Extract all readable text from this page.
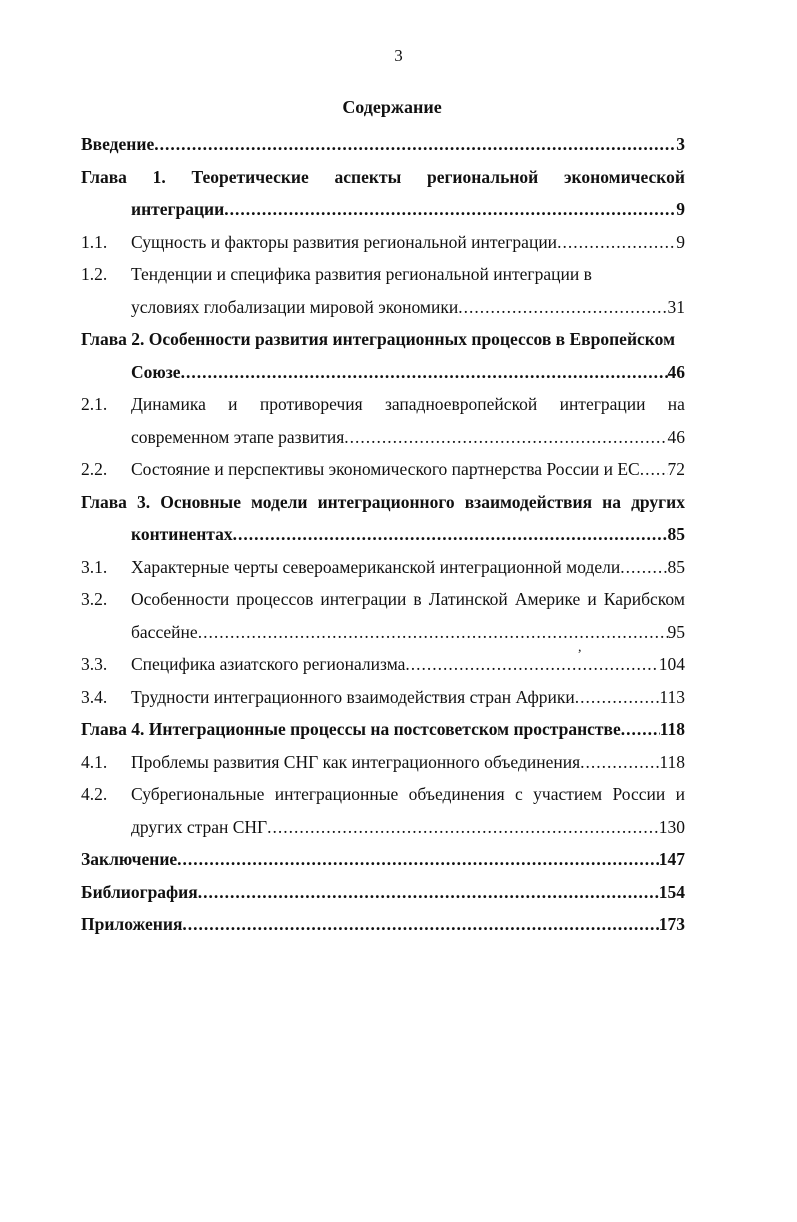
3
Содержание
Введение .....	3
Глава 1. Теоретические аспекты региональной экономической
интеграции .....	9
1.1.	Сущность и факторы развития региональной интеграции .....	9
1.2.	Тенденции и специфика развития региональной интеграции в
условиях глобализации мировой экономики .....	31
Глава 2. Особенности развития интеграционных процессов в Европейском
Союзе .....	46
2.1.	Динамика и противоречия западноевропейской интеграции на
современном этапе развития .....	46
2.2.	Состояние и перспективы экономического партнерства России и ЕС ..... 72
Глава 3. Основные модели интеграционного взаимодействия на других
континентах .....	85
3.1.	Характерные черты североамериканской интеграционной модели .....	85
3.2.	Особенности процессов интеграции в Латинской Америке и Карибском
бассейне .....	95
3.3.	Специфика азиатского регионализма .....	104
3.4.	Трудности интеграционного взаимодействия стран Африки .....	113
Глава 4. Интеграционные процессы на постсоветском пространстве ..... 118
4.1.	Проблемы развития СНГ как интеграционного объединения .....	118
4.2.	Субрегиональные интеграционные объединения с участием России и
других стран СНГ .....	130
Заключение .....	147
Библиография .....	154
Приложения .....	173
,
